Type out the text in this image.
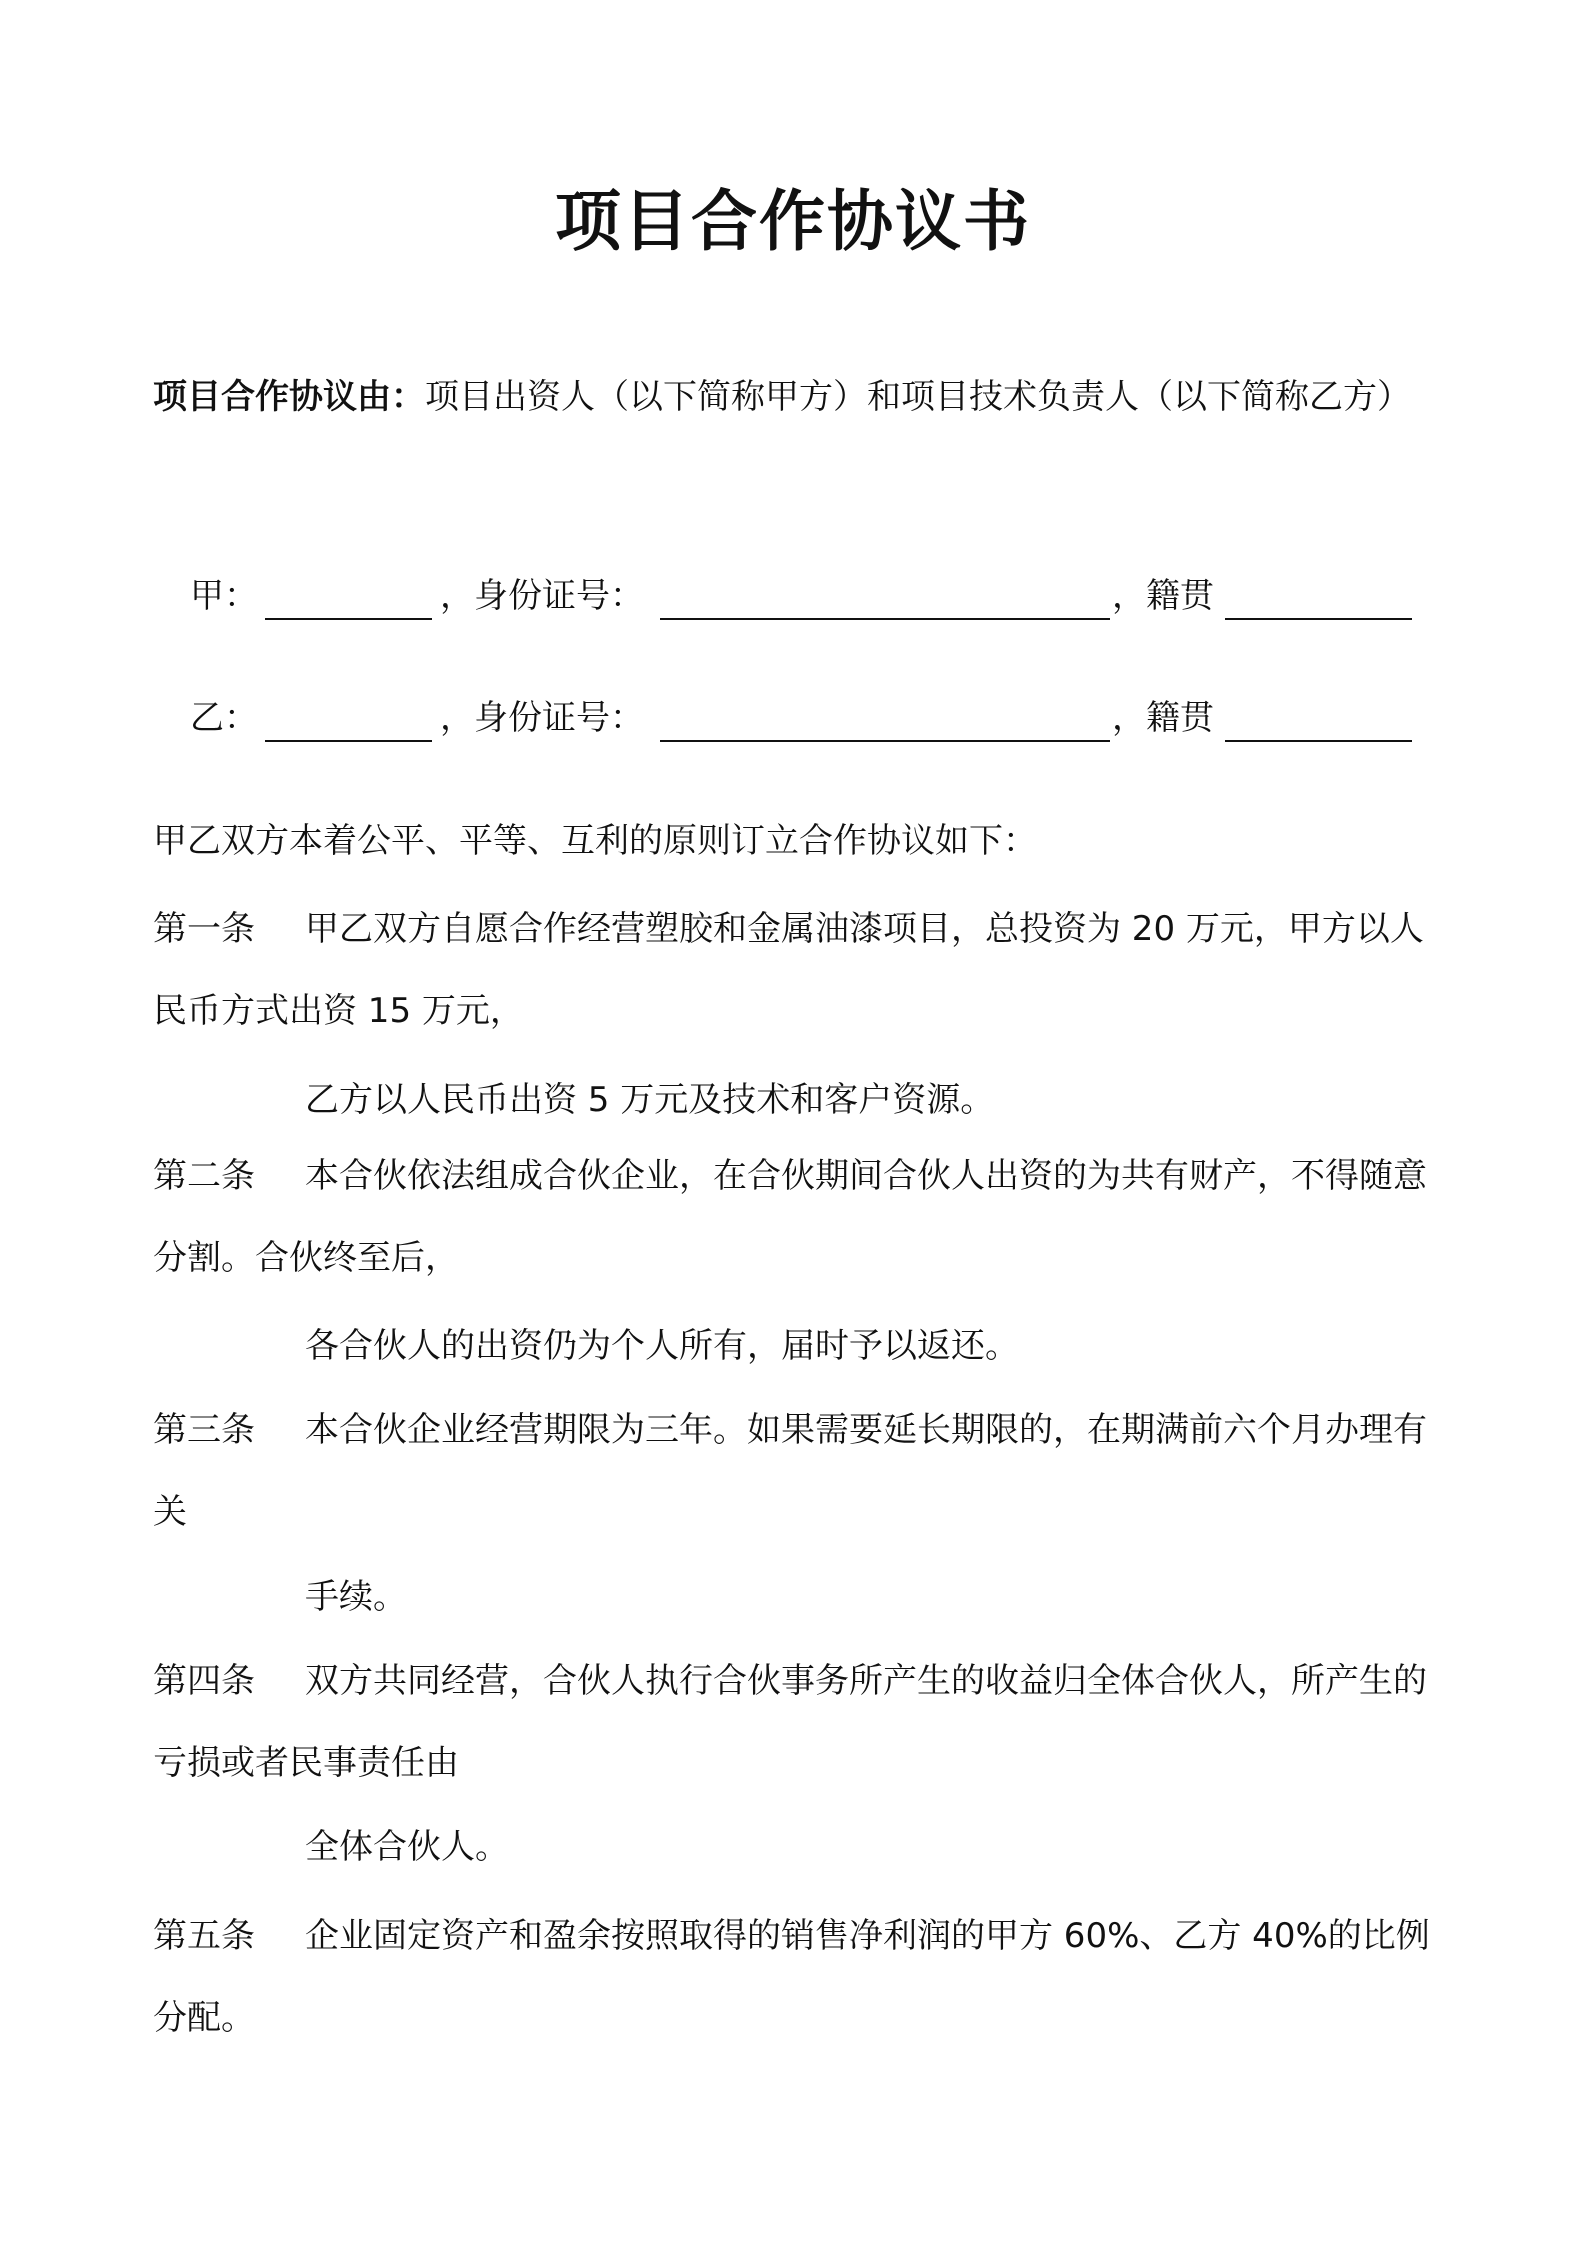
项目合作协议书

项目合作协议由：项目出资人（以下简称甲方）和项目技术负责人（以下简称乙方）

甲：	，身份证号：	，籍贯
乙：	，身份证号：	，籍贯

甲乙双方本着公平、平等、互利的原则订立合作协议如下：

第一条 甲乙双方自愿合作经营塑胶和金属油漆项目，总投资为 20 万元，甲方以人民币方式出资 15 万元，

乙方以人民币出资 5 万元及技术和客户资源。

第二条 本合伙依法组成合伙企业，在合伙期间合伙人出资的为共有财产，不得随意分割。合伙终至后，

各合伙人的出资仍为个人所有，届时予以返还。

第三条 本合伙企业经营期限为三年。如果需要延长期限的，在期满前六个月办理有关

手续。

第四条 双方共同经营，合伙人执行合伙事务所产生的收益归全体合伙人，所产生的亏损或者民事责任由

全体合伙人。

第五条 企业固定资产和盈余按照取得的销售净利润的甲方 60%、乙方 40%的比例分配。
